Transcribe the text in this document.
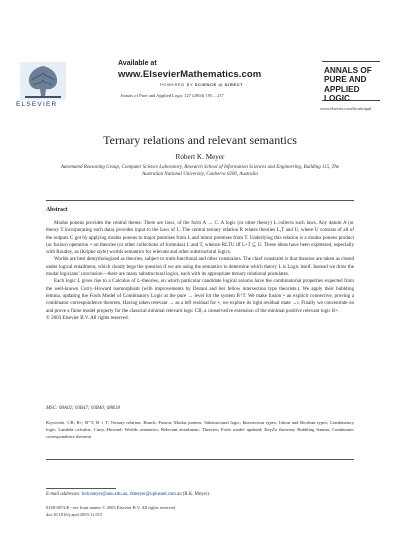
ELSEVIER
Available at
www.ElsevierMathematics.com
POWERED BY SCIENCE @ DIRECT
Annals of Pure and Applied Logic 127 (2004) 195 – 217
ANNALS OF
PURE AND
APPLIED LOGIC
www.elsevier.com/locate/apal
Ternary relations and relevant semantics
Robert K. Meyer
Automated Reasoning Group, Computer Science Laboratory, Research School of Information Sciences and Engineering, Building 115, The Australian National University, Canberra 0200, Australia
Abstract

Modus ponens provides the central theme. There are laws, of the form A → C. A logic (or other theory) L collects such laws. Any datum A (or theory T incorporating such data) provides input to the laws of L. The central ternary relation R relates theories L,T and U, where U consists of all of the outputs C got by applying modus ponens to major premises from L and minor premises from T. Underlying this relation is a modus ponens product (or fusion) operation ∘ on theories (or other collections of formulas) L and T, whence RLTU iff L∘T ⊆ U. These ideas have been expressed, especially with Routley, as (Kripke style) worlds semantics for relevant and other substructural logics.

Worlds are best demythologized as theories, subject to truth-functional and other constraints. The chief constraint is that theories are taken as closed under logical entailment, which clearly begs the question if we are using the semantics to determine which theory L is Logic itself. Instead we draw the modal logicians’ conclusion—there are many substructural logics, each with its appropriate ternary relational postulates.

Each logic L gives rise to a Calculus of L-theories, on which particular candidate logical axioms have the combinatorial properties expected from the well-known Curry–Howard isomorphism (with improvements by Dezani and her fellow intersection type theorists.). We apply their bubbling lemma, updating the Fools Model of Combinatory Logic at the pure → level for the system B⁺T. We make fusion ∘ an explicit connective, proving a combinator correspondence theorem. Having taken relevant → as a left residual for ∘, we explore its right residual mate →r. Finally we concentrate on and prove a finite model property for the classical minimal relevant logic CB, a conservative extension of the minimal positive relevant logic B+.

© 2003 Elsevier B.V. All rights reserved.

MSC: 08A02; 03B47; 03B40; 68R18
Keywords: CB; B+; B⁺T; B + T; Ternary relation; Bunch; Fusion; Modus ponens; Substructural logic; Intersection types; Union and Boolean types; Combinatory logic; Lambda calculus; Curry–Howard; Worlds semantics; Relevant entailment; Theories; Fools model updated; KeyZo theorem; Bubbling lemma; Combinator correspondence theorem
E-mail addresses: bob.meyer@anu.edu.au, rkmeyer@optusnet.com.au (R.K. Meyer).
0168-0072/$ - see front matter © 2003 Elsevier B.V. All rights reserved.
doi:10.1016/j.apal.2003.11.015
